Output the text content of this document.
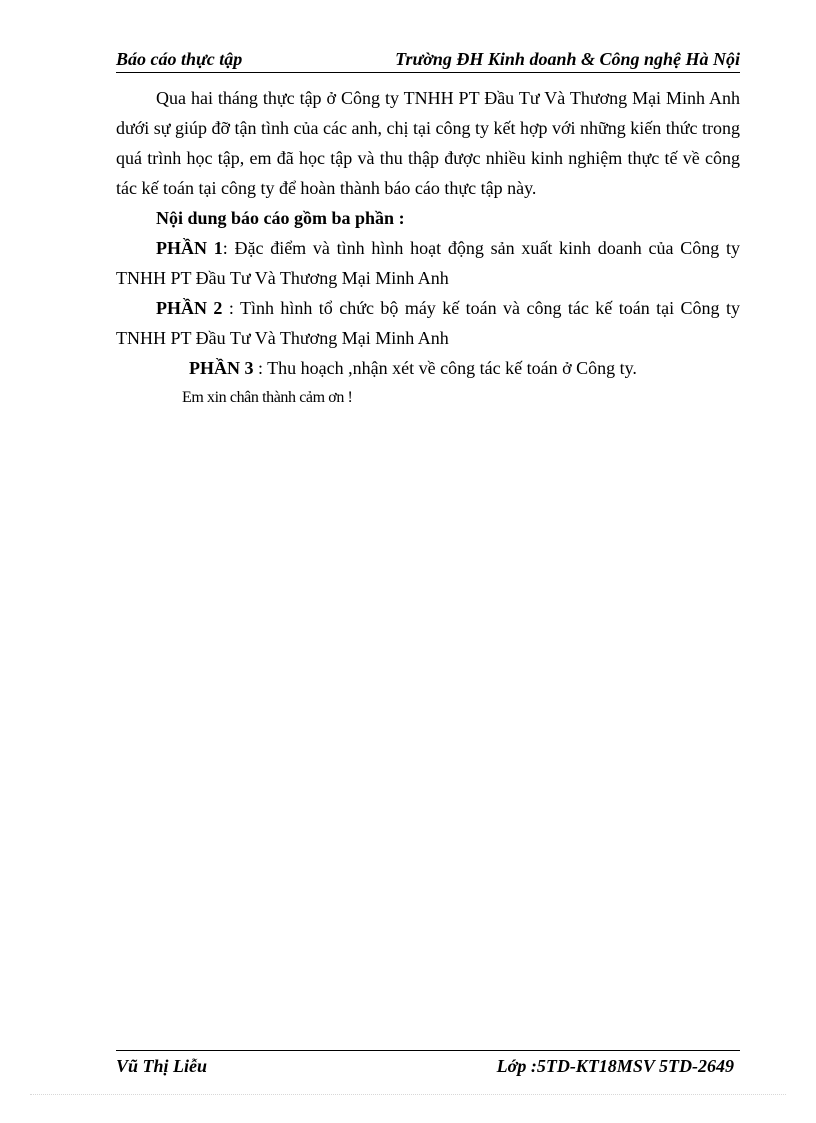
Báo cáo thực tập	Trường ĐH Kinh doanh & Công nghệ Hà Nội

Qua hai tháng thực tập ở Công ty TNHH PT Đầu Tư Và Thương Mại Minh Anh dưới sự giúp đỡ tận tình của các anh, chị tại công ty kết hợp với những kiến thức trong quá trình học tập, em đã học tập và thu thập được nhiều kinh nghiệm thực tế về công tác kế toán tại công ty để hoàn thành báo cáo thực tập này.

Nội dung báo cáo gồm ba phần :

PHẦN 1: Đặc điểm và tình hình hoạt động sản xuất kinh doanh của Công ty TNHH PT Đầu Tư Và Thương Mại Minh Anh

PHẦN 2 : Tình hình tổ chức bộ máy kế toán và công tác kế toán tại Công ty TNHH PT Đầu Tư Và Thương Mại Minh Anh

PHẦN 3 : Thu hoạch ,nhận xét về công tác kế toán ở Công ty.

Em xin chân thành cảm ơn !

Vũ Thị Liễu	Lớp :5TD-KT18MSV 5TD-2649
